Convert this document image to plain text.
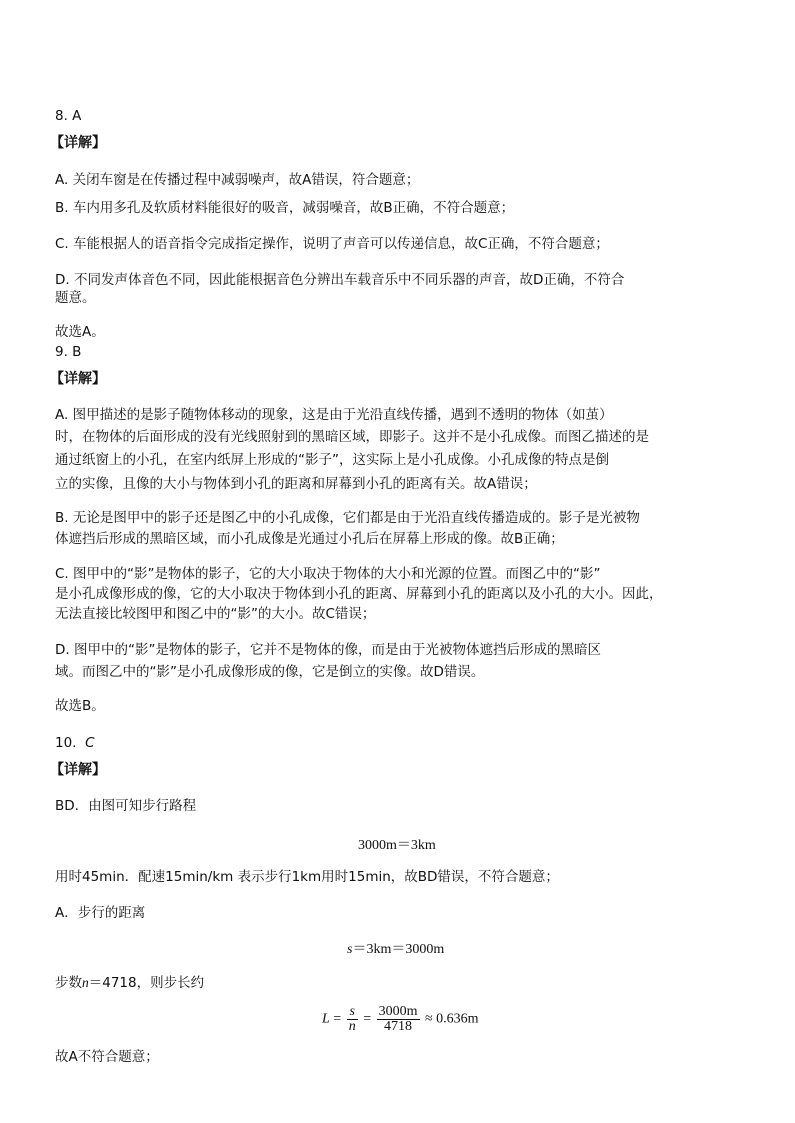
8. A
【详解】
A. 关闭车窗是在传播过程中减弱噪声，故A错误，符合题意；
B. 车内用多孔及软质材料能很好的吸音，减弱噪音，故B正确，不符合题意；
C. 车能根据人的语音指令完成指定操作，说明了声音可以传递信息，故C正确，不符合题意；
D. 不同发声体音色不同，因此能根据音色分辨出车载音乐中不同乐器的声音，故D正确，不符合
题意。
故选A。
9. B
【详解】
A. 图甲描述的是影子随物体移动的现象，这是由于光沿直线传播，遇到不透明的物体（如茧）
时，在物体的后面形成的没有光线照射到的黑暗区域，即影子。这并不是小孔成像。而图乙描述的是
通过纸窗上的小孔，在室内纸屏上形成的“影子”，这实际上是小孔成像。小孔成像的特点是倒
立的实像，且像的大小与物体到小孔的距离和屏幕到小孔的距离有关。故A错误；
B. 无论是图甲中的影子还是图乙中的小孔成像，它们都是由于光沿直线传播造成的。影子是光被物
体遮挡后形成的黑暗区域，而小孔成像是光通过小孔后在屏幕上形成的像。故B正确；
C. 图甲中的“影”是物体的影子，它的大小取决于物体的大小和光源的位置。而图乙中的“影”
是小孔成像形成的像，它的大小取决于物体到小孔的距离、屏幕到小孔的距离以及小孔的大小。因此，
无法直接比较图甲和图乙中的“影”的大小。故C错误；
D. 图甲中的“影”是物体的影子，它并不是物体的像，而是由于光被物体遮挡后形成的黑暗区
域。而图乙中的“影”是小孔成像形成的像，它是倒立的实像。故D错误。
故选B。
10. C
【详解】
BD．由图可知步行路程
3000m＝3km
用时45min．配速15min/km 表示步行1km用时15min，故BD错误，不符合题意；
A．步行的距离
s＝3km＝3000m
步数n＝4718，则步长约
$L = \frac{s}{n} = \frac{3000m}{4718} \approx 0.636m$
故A不符合题意；
